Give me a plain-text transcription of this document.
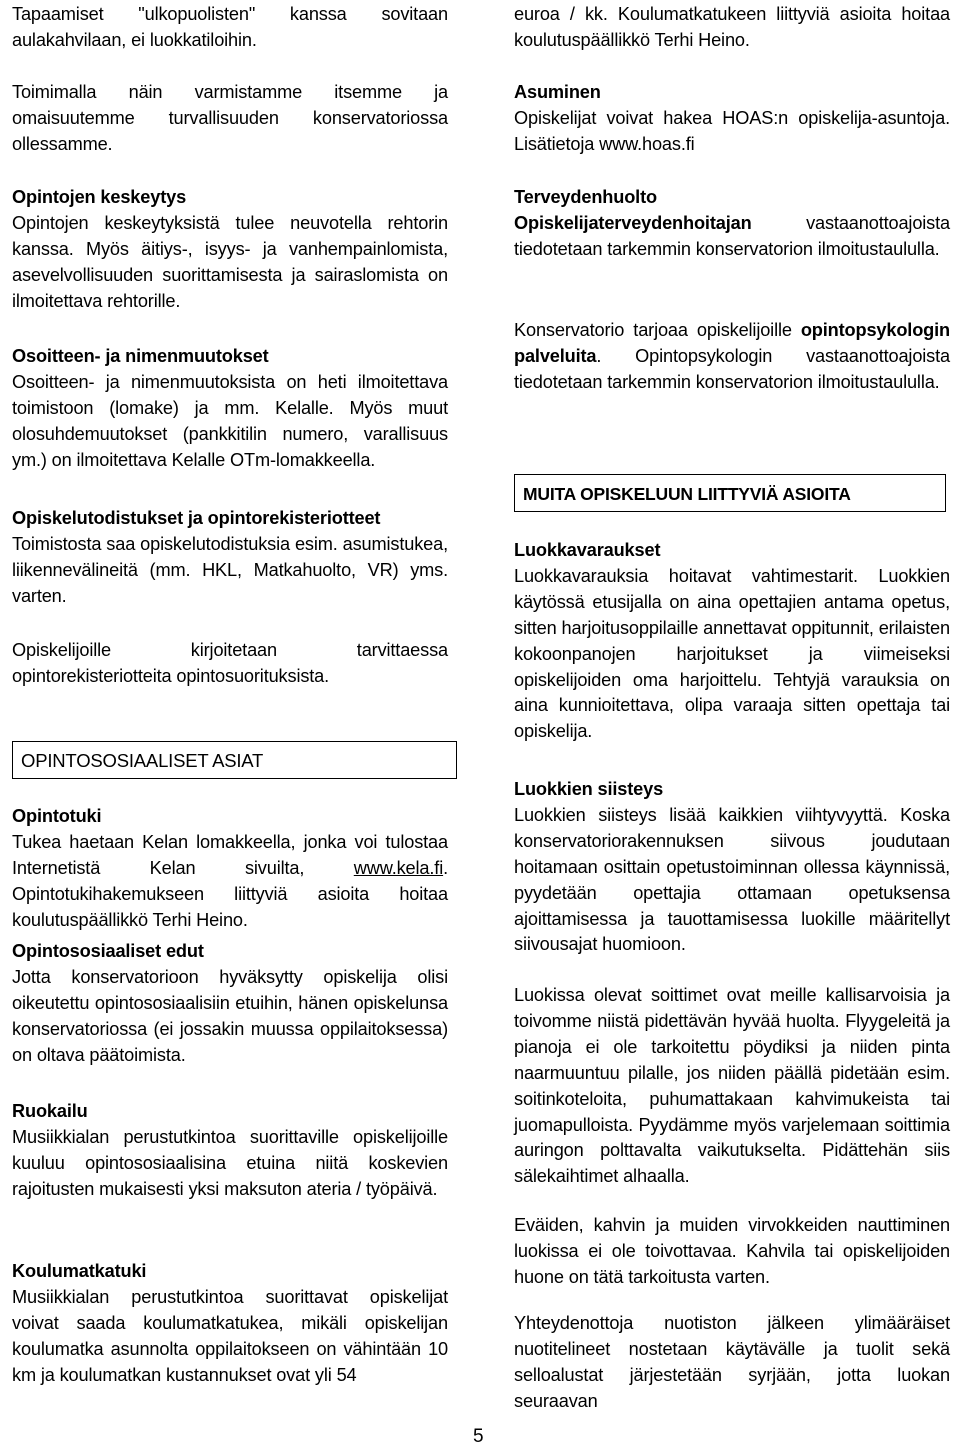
Tapaamiset "ulkopuolisten" kanssa sovitaan aulakahvilaan, ei luokkatiloihin.

Toimimalla näin varmistamme itsemme ja omaisuutemme turvallisuuden konservatoriossa ollessamme.

Opintojen keskeytys

Opintojen keskeytyksistä tulee neuvotella rehtorin kanssa. Myös äitiys-, isyys- ja vanhempainlomista, asevelvollisuuden suorittamisesta ja sairaslomista on ilmoitettava rehtorille.

Osoitteen- ja nimenmuutokset

Osoitteen- ja nimenmuutoksista on heti ilmoitettava toimistoon (lomake) ja mm. Kelalle. Myös muut olosuhdemuutokset (pankkitilin numero, varallisuus ym.) on ilmoitettava Kelalle OTm-lomakkeella.

Opiskelutodistukset ja opintorekisteriotteet

Toimistosta saa opiskelutodistuksia esim. asumistukea, liikennevälineitä (mm. HKL, Matkahuolto, VR) yms. varten.

Opiskelijoille kirjoitetaan tarvittaessa opintorekisteriotteita opintosuorituksista.

OPINTOSOSIAALISET ASIAT

Opintotuki

Tukea haetaan Kelan lomakkeella, jonka voi tulostaa Internetistä Kelan sivuilta, www.kela.fi. Opintotukihakemukseen liittyviä asioita hoitaa koulutuspäällikkö Terhi Heino.

Opintososiaaliset edut

Jotta konservatorioon hyväksytty opiskelija olisi oikeutettu opintososiaalisiin etuihin, hänen opiskelunsa konservatoriossa (ei jossakin muussa oppilaitoksessa) on oltava päätoimista.

Ruokailu

Musiikkialan perustutkintoa suorittaville opiskelijoille kuuluu opintososiaalisina etuina niitä koskevien rajoitusten mukaisesti yksi maksuton ateria / työpäivä.

Koulumatkatuki

Musiikkialan perustutkintoa suorittavat opiskelijat voivat saada koulumatkatukea, mikäli opiskelijan koulumatka asunnolta oppilaitokseen on vähintään 10 km ja koulumatkan kustannukset ovat yli 54

euroa / kk. Koulumatkatukeen liittyviä asioita hoitaa koulutuspäällikkö Terhi Heino.

Asuminen

Opiskelijat voivat hakea HOAS:n opiskelija-asuntoja. Lisätietoja www.hoas.fi

Terveydenhuolto

Opiskelijaterveydenhoitajan vastaanottoajoista tiedotetaan tarkemmin konservatorion ilmoitustaululla.

Konservatorio tarjoaa opiskelijoille opintopsykologin palveluita. Opintopsykologin vastaanottoajoista tiedotetaan tarkemmin konservatorion ilmoitustaululla.

MUITA OPISKELUUN LIITTYVIÄ ASIOITA

Luokkavaraukset

Luokkavarauksia hoitavat vahtimestarit. Luokkien käytössä etusijalla on aina opettajien antama opetus, sitten harjoitusoppilaille annettavat oppitunnit, erilaisten kokoonpanojen harjoitukset ja viimeiseksi opiskelijoiden oma harjoittelu. Tehtyjä varauksia on aina kunnioitettava, olipa varaaja sitten opettaja tai opiskelija.

Luokkien siisteys

Luokkien siisteys lisää kaikkien viihtyvyyttä. Koska konservatoriorakennuksen siivous joudutaan hoitamaan osittain opetustoiminnan ollessa käynnissä, pyydetään opettajia ottamaan opetuksensa ajoittamisessa ja tauottamisessa luokille määritellyt siivousajat huomioon.

Luokissa olevat soittimet ovat meille kallisarvoisia ja toivomme niistä pidettävän hyvää huolta. Flyygeleitä ja pianoja ei ole tarkoitettu pöydiksi ja niiden pinta naarmuuntuu pilalle, jos niiden päällä pidetään esim. soitinkoteloita, puhumattakaan kahvimukeista tai juomapulloista. Pyydämme myös varjelemaan soittimia auringon polttavalta vaikutukselta. Pidättehän siis sälekaihtimet alhaalla.

Eväiden, kahvin ja muiden virvokkeiden nauttiminen luokissa ei ole toivottavaa. Kahvila tai opiskelijoiden huone on tätä tarkoitusta varten.

Yhteydenottoja nuotiston jälkeen ylimääräiset nuotitelineet nostetaan käytävälle ja tuolit sekä selloalustat järjestetään syrjään, jotta luokan seuraavan

5
